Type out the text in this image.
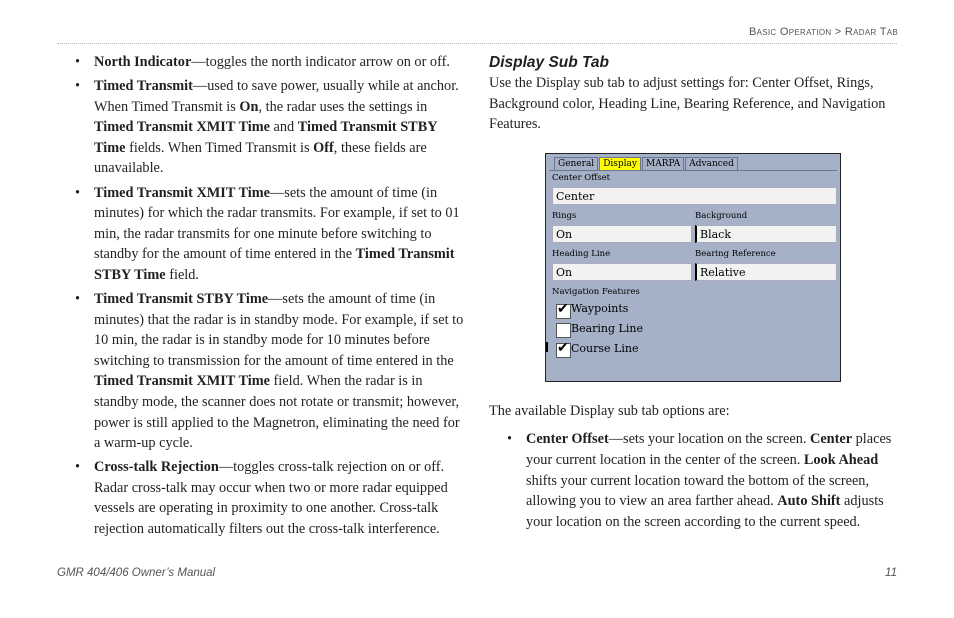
Basic Operation > Radar Tab
• North Indicator—toggles the north indicator arrow on or off.
• Timed Transmit—used to save power, usually while at anchor. When Timed Transmit is On, the radar uses the settings in Timed Transmit XMIT Time and Timed Transmit STBY Time fields. When Timed Transmit is Off, these fields are unavailable.
• Timed Transmit XMIT Time—sets the amount of time (in minutes) for which the radar transmits. For example, if set to 01 min, the radar transmits for one minute before switching to standby for the amount of time entered in the Timed Transmit STBY Time field.
• Timed Transmit STBY Time—sets the amount of time (in minutes) that the radar is in standby mode. For example, if set to 10 min, the radar is in standby mode for 10 minutes before switching to transmission for the amount of time entered in the Timed Transmit XMIT Time field. When the radar is in standby mode, the scanner does not rotate or transmit; however, power is still applied to the Magnetron, eliminating the need for a warm-up cycle.
• Cross-talk Rejection—toggles cross-talk rejection on or off. Radar cross-talk may occur when two or more radar equipped vessels are operating in proximity to one another. Cross-talk rejection automatically filters out the cross-talk interference.
Display Sub Tab

Use the Display sub tab to adjust settings for: Center Offset, Rings, Background color, Heading Line, Bearing Reference, and Navigation Features.

The available Display sub tab options are:

• Center Offset—sets your location on the screen. Center places your current location in the center of the screen. Look Ahead shifts your current location toward the bottom of the screen, allowing you to view an area farther ahead. Auto Shift adjusts your location on the screen according to the current speed.
General	Display	MARPA	Advanced
Center Offset
Center
Rings
On
Background
Black
Heading Line
On
Bearing Reference
Relative
Navigation Features
✔
Waypoints
Bearing Line
✔
Course Line
GMR 404/406 Owner’s Manual	11
